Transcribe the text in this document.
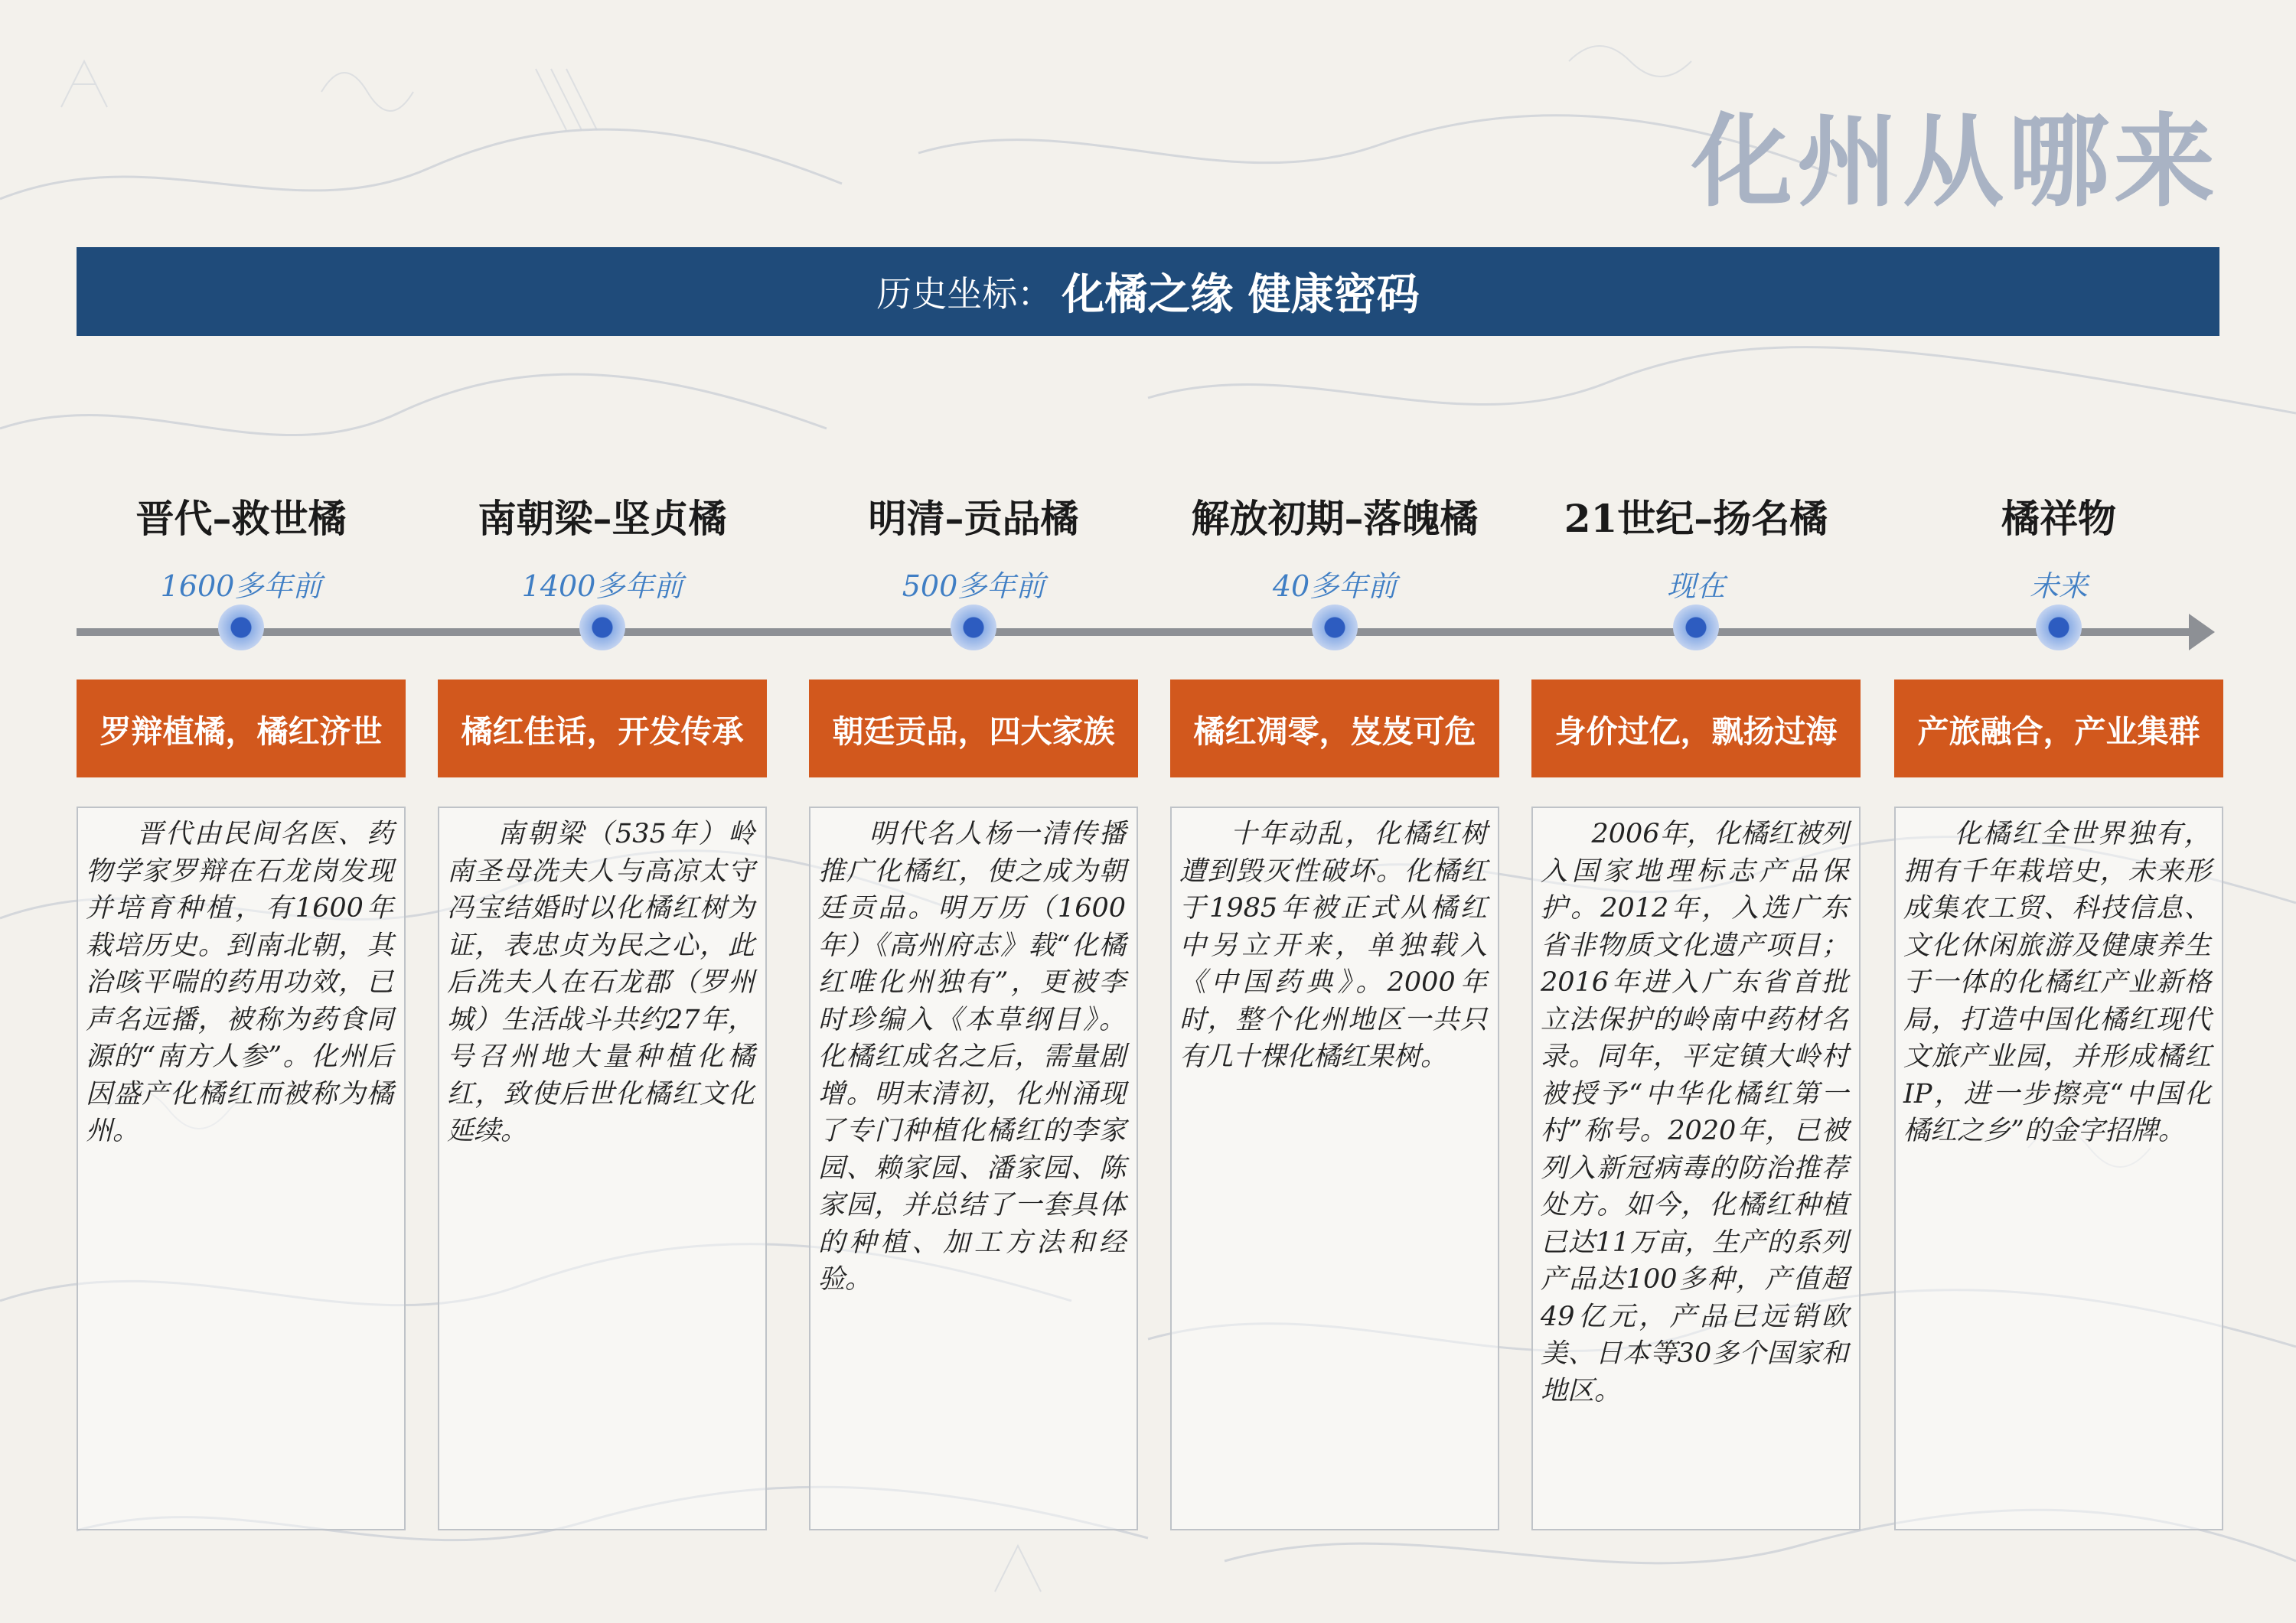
化州从哪来
历史坐标： 化橘之缘 健康密码
晋代–救世橘
1600多年前
罗辩植橘，橘红济世
晋代由民间名医、药物学家罗辩在石龙岗发现并培育种植，有1600年栽培历史。到南北朝，其治咳平喘的药用功效，已声名远播，被称为药食同源的“南方人参”。化州后因盛产化橘红而被称为橘州。
南朝梁–坚贞橘
1400多年前
橘红佳话，开发传承
南朝梁（535年）岭南圣母冼夫人与高凉太守冯宝结婚时以化橘红树为证，表忠贞为民之心，此后冼夫人在石龙郡（罗州城）生活战斗共约27年，号召州地大量种植化橘红，致使后世化橘红文化延续。
明清–贡品橘
500多年前
朝廷贡品，四大家族
明代名人杨一清传播推广化橘红，使之成为朝廷贡品。明万历（1600年）《高州府志》载“化橘红唯化州独有”，更被李时珍编入《本草纲目》。化橘红成名之后，需量剧增。明末清初，化州涌现了专门种植化橘红的李家园、赖家园、潘家园、陈家园，并总结了一套具体的种植、加工方法和经验。
解放初期–落魄橘
40多年前
橘红凋零，岌岌可危
十年动乱，化橘红树遭到毁灭性破坏。化橘红于1985年被正式从橘红中另立开来，单独载入《中国药典》。2000年时，整个化州地区一共只有几十棵化橘红果树。
21世纪–扬名橘
现在
身价过亿，飘扬过海
2006年，化橘红被列入国家地理标志产品保护。2012年，入选广东省非物质文化遗产项目；2016年进入广东省首批立法保护的岭南中药材名录。同年，平定镇大岭村被授予“中华化橘红第一村”称号。2020年，已被列入新冠病毒的防治推荐处方。如今，化橘红种植已达11万亩，生产的系列产品达100多种，产值超49亿元，产品已远销欧美、日本等30多个国家和地区。
橘祥物
未来
产旅融合，产业集群
化橘红全世界独有，拥有千年栽培史，未来形成集农工贸、科技信息、文化休闲旅游及健康养生于一体的化橘红产业新格局，打造中国化橘红现代文旅产业园，并形成橘红IP，进一步擦亮“中国化橘红之乡”的金字招牌。
